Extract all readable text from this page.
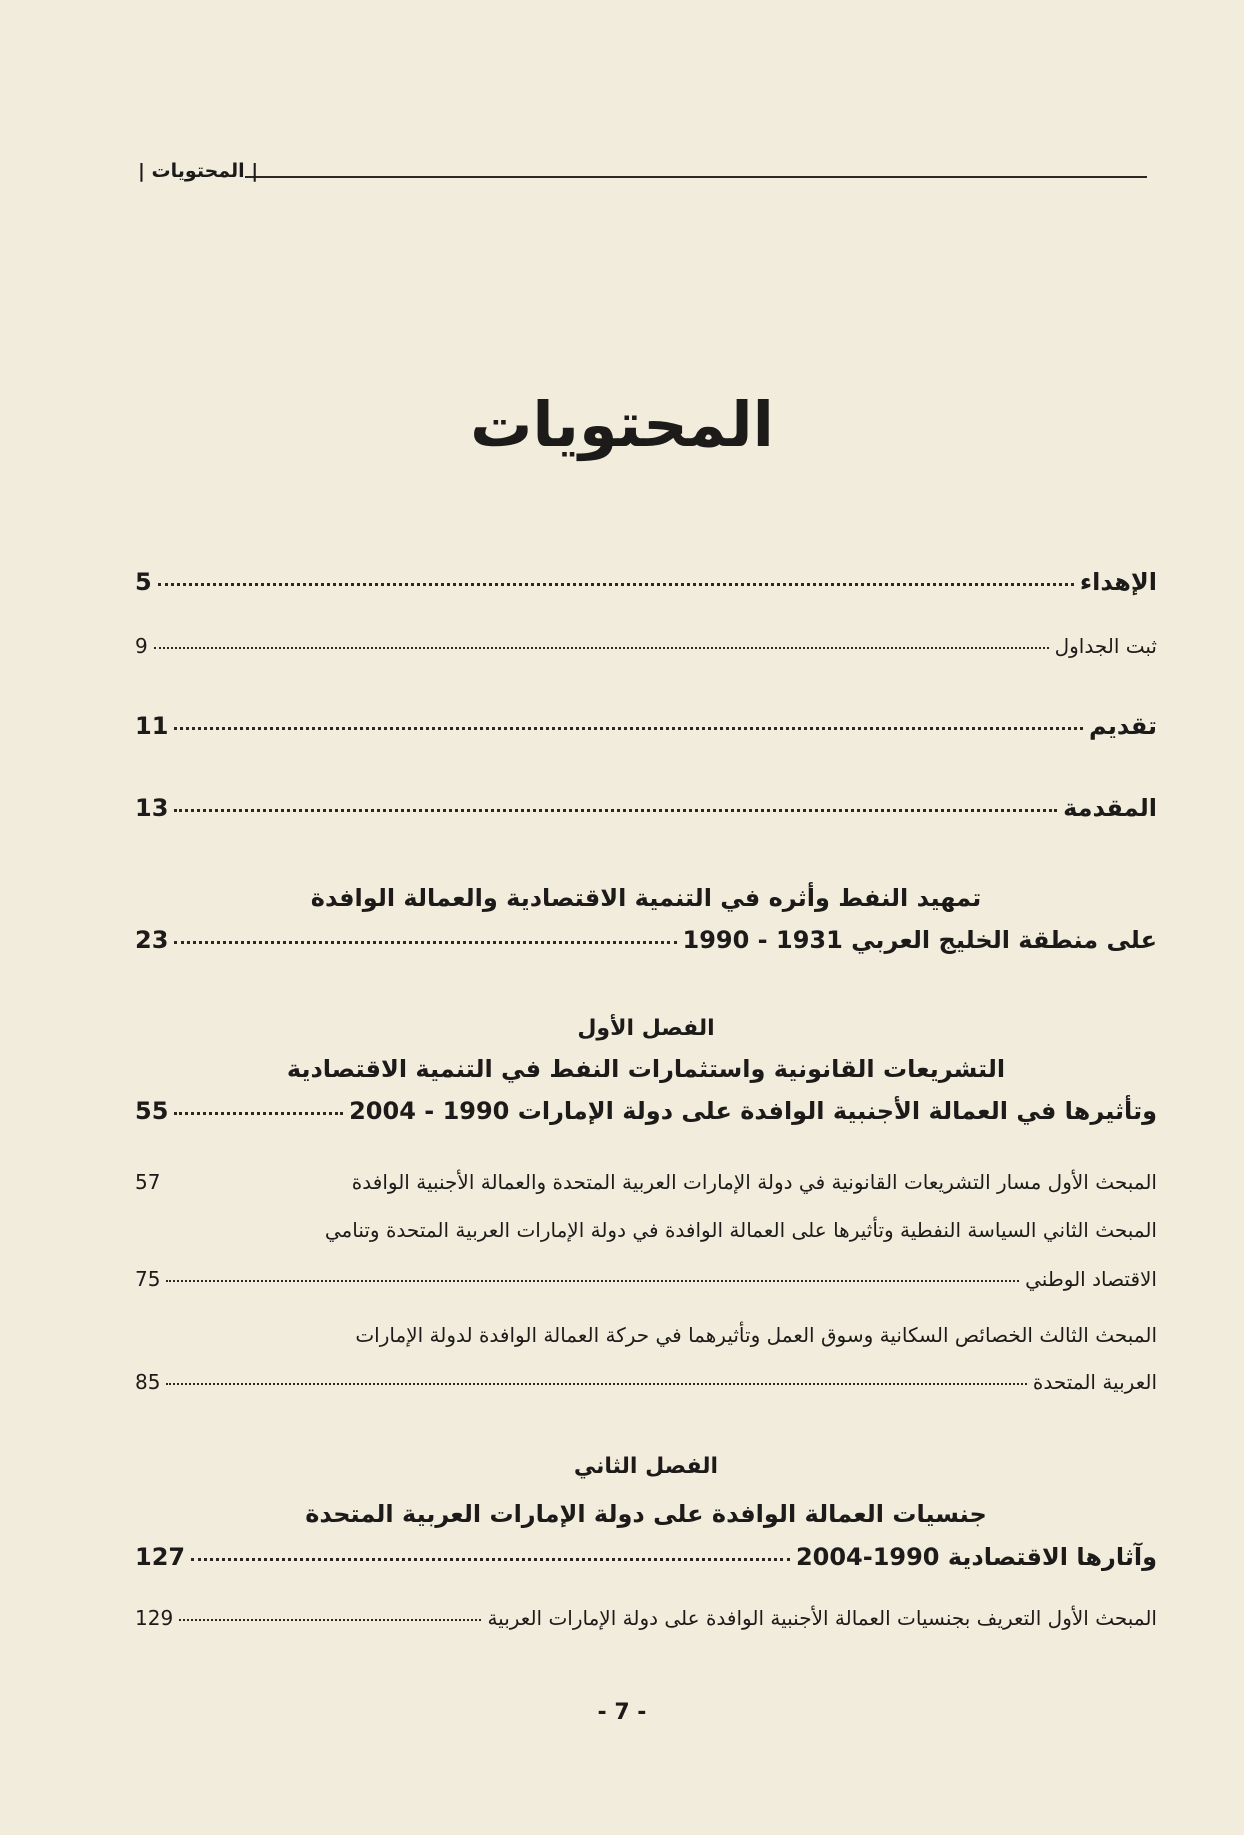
| المحتويات |
المحتويات
الإهداء
5
ثبت الجداول
9
تقديم
11
المقدمة
13
تمهيد النفط وأثره في التنمية الاقتصادية والعمالة الوافدة
على منطقة الخليج العربي 1931 - 1990
23
الفصل الأول
التشريعات القانونية واستثمارات النفط في التنمية الاقتصادية
وتأثيرها في العمالة الأجنبية الوافدة على دولة الإمارات 1990 - 2004
55
المبحث الأول مسار التشريعات القانونية في دولة الإمارات العربية المتحدة والعمالة الأجنبية الوافدة
57
المبحث الثاني السياسة النفطية وتأثيرها على العمالة الوافدة في دولة الإمارات العربية المتحدة وتنامي
الاقتصاد الوطني
75
المبحث الثالث الخصائص السكانية وسوق العمل وتأثيرهما في حركة العمالة الوافدة لدولة الإمارات
العربية المتحدة
85
الفصل الثاني
جنسيات العمالة الوافدة على دولة الإمارات العربية المتحدة
وآثارها الاقتصادية 1990-2004
127
المبحث الأول التعريف بجنسيات العمالة الأجنبية الوافدة على دولة الإمارات العربية
129
- 7 -
